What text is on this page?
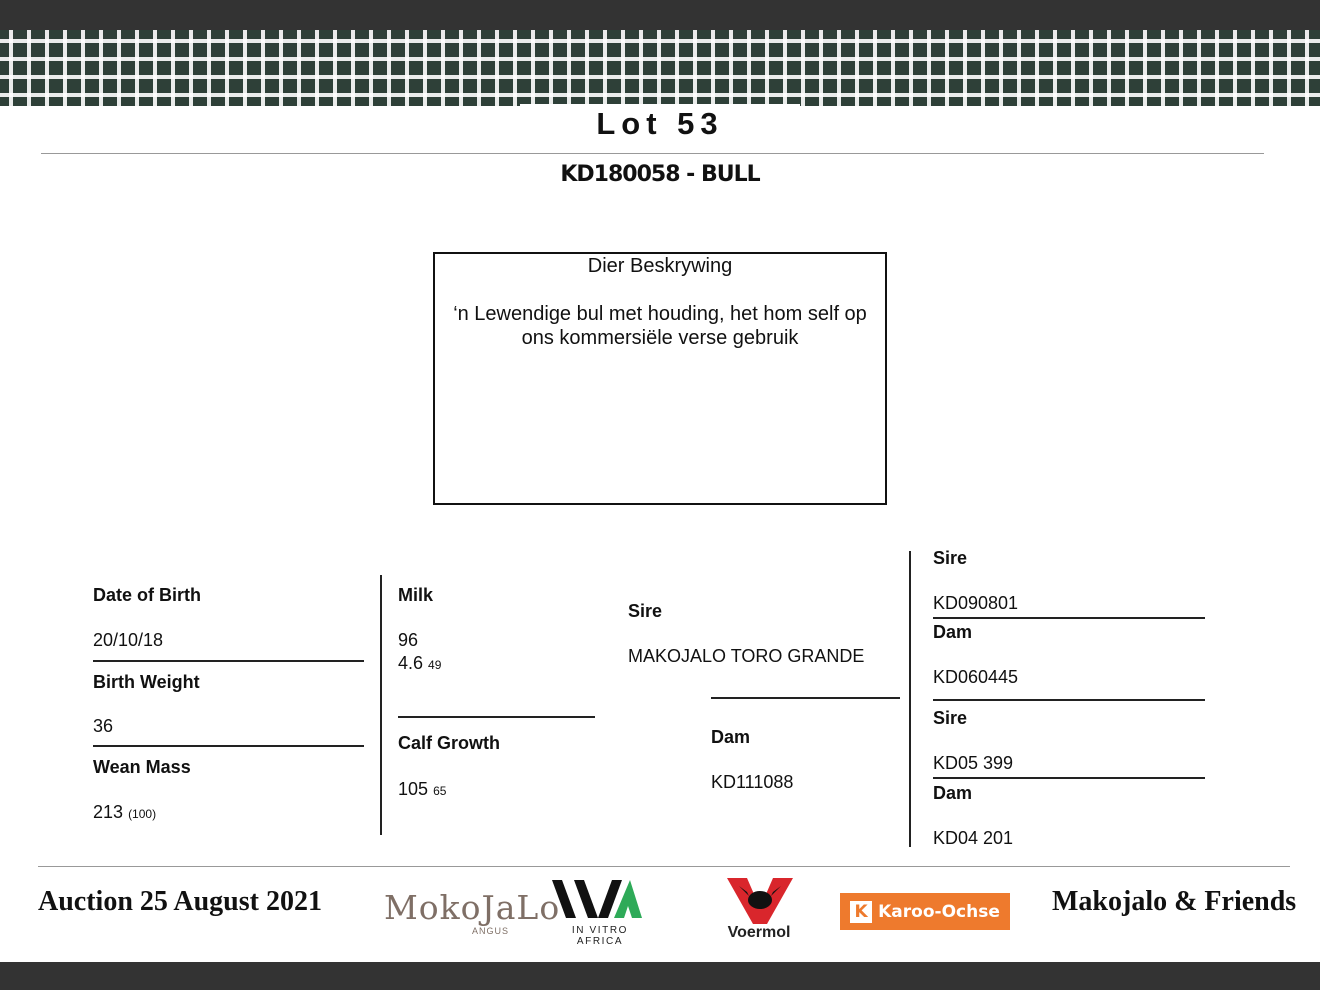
Lot 53
KD180058 - BULL
Dier Beskrywing
‘n Lewendige bul met houding, het hom self op ons kommersiële verse gebruik
Date of Birth
20/10/18
Birth Weight
36
Wean Mass
213 (100)
Milk
96
4.6 49
Calf Growth
105 65
Sire
MAKOJALO TORO GRANDE
Dam
KD111088
Sire
KD090801
Dam
KD060445
Sire
KD05 399
Dam
KD04 201
Auction 25 August 2021 MokoJaLo
ANGUS	IN VITRO AFRICA
Voermol
K Karoo-Ochse Makojalo & Friends
